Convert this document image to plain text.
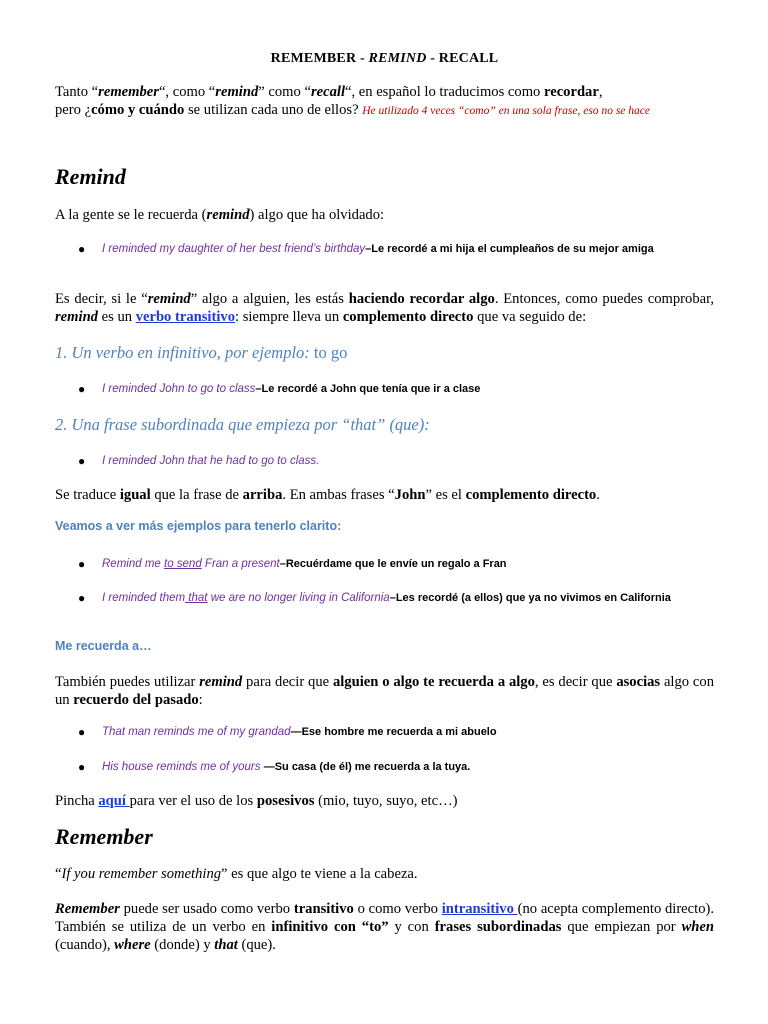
REMEMBER - REMIND - RECALL
Tanto “remember“, como “remind” como “recall“, en español lo traducimos como recordar,
pero ¿cómo y cuándo se utilizan cada uno de ellos? He utilizado 4 veces “como” en una sola frase, eso no se hace
Remind
A la gente se le recuerda (remind) algo que ha olvidado:
● I reminded my daughter of her best friend’s birthday–Le recordé a mi hija el cumpleaños de su mejor amiga
Es decir, si le “remind” algo a alguien, les estás haciendo recordar algo. Entonces, como puedes comprobar, remind es un verbo transitivo: siempre lleva un complemento directo que va seguido de:
1. Un verbo en infinitivo, por ejemplo: to go
● I reminded John to go to class–Le recordé a John que tenía que ir a clase
2. Una frase subordinada que empieza por “that” (que):
● I reminded John that he had to go to class.
Se traduce igual que la frase de arriba. En ambas frases “John” es el complemento directo.
Veamos a ver más ejemplos para tenerlo clarito:
● Remind me to send Fran a present–Recuérdame que le envíe un regalo a Fran
● I reminded them that we are no longer living in California–Les recordé (a ellos) que ya no vivimos en California
Me recuerda a…
También puedes utilizar remind para decir que alguien o algo te recuerda a algo, es decir que asocias algo con un recuerdo del pasado:
● That man reminds me of my grandad—Ese hombre me recuerda a mi abuelo
● His house reminds me of yours —Su casa (de él) me recuerda a la tuya.
Pincha aquí para ver el uso de los posesivos (mio, tuyo, suyo, etc…)
Remember
“If you remember something” es que algo te viene a la cabeza.
Remember puede ser usado como verbo transitivo o como verbo intransitivo (no acepta complemento directo). También se utiliza de un verbo en infinitivo con “to” y con frases subordinadas que empiezan por when (cuando), where (donde) y that (que).
